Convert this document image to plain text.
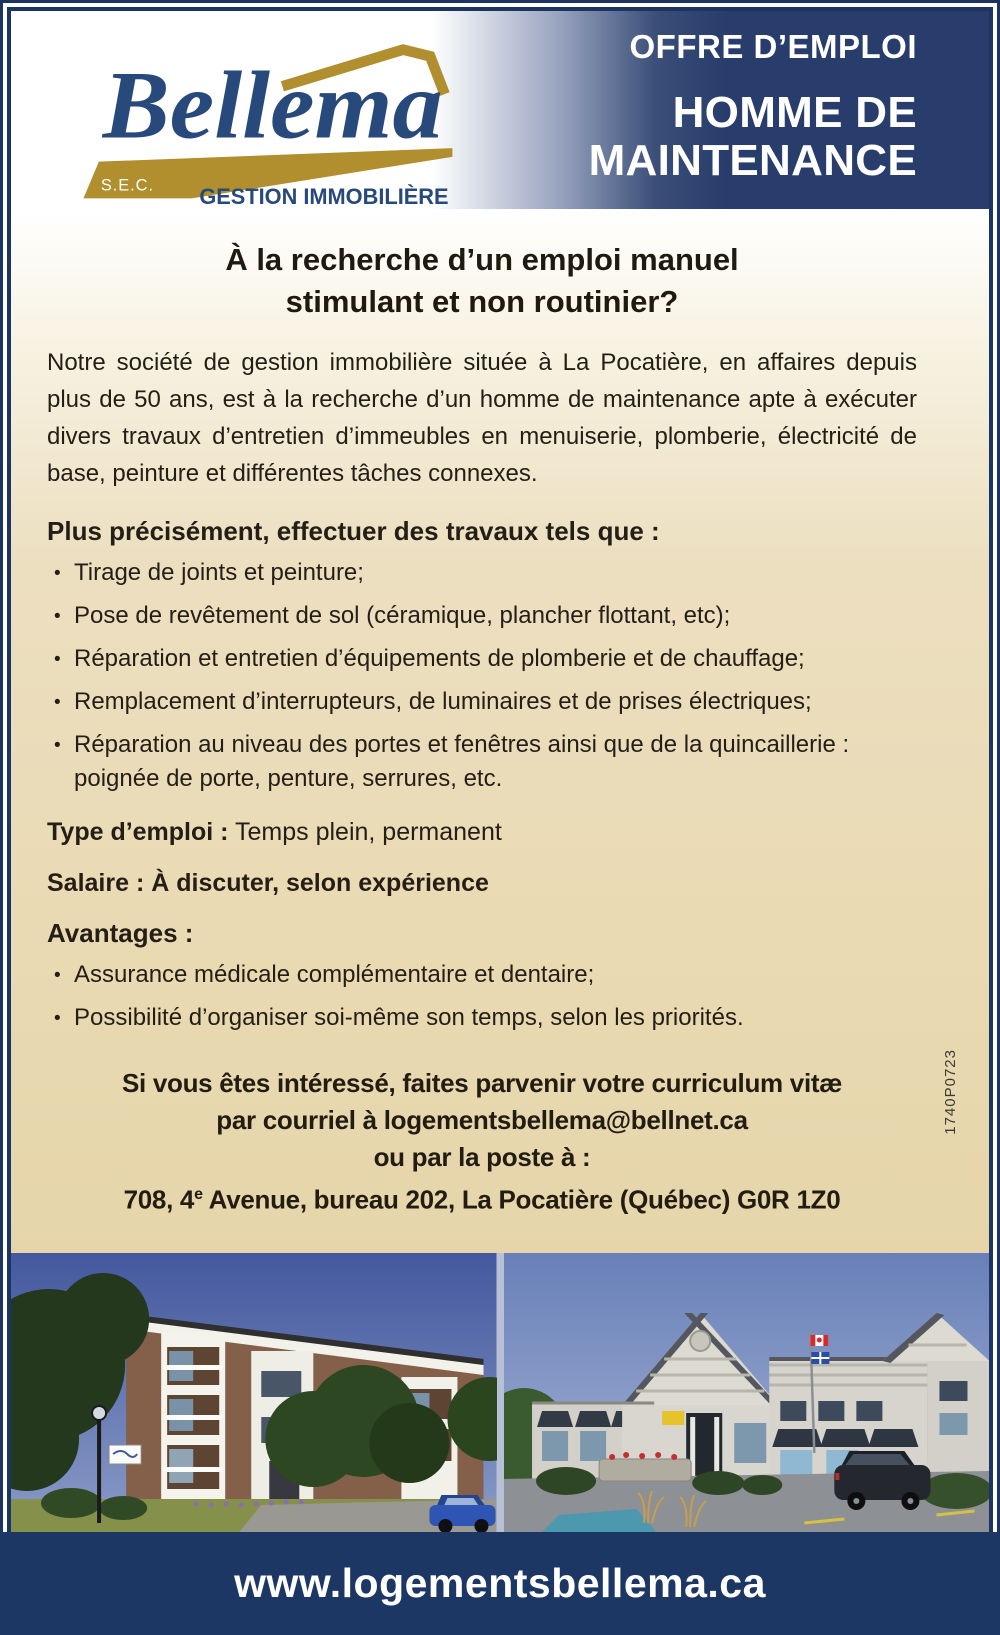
Bellema
S.E.C. GESTION IMMOBILIÈRE
OFFRE D’EMPLOI
HOMME DE
MAINTENANCE
À la recherche d’un emploi manuel
stimulant et non routinier?

Notre société de gestion immobilière située à La Pocatière, en affaires depuis plus de 50 ans, est à la recherche d’un homme de maintenance apte à exécuter divers travaux d’entretien d’immeubles en menuiserie, plomberie, électricité de base, peinture et différentes tâches connexes.

Plus précisément, effectuer des travaux tels que :
• Tirage de joints et peinture;
• Pose de revêtement de sol (céramique, plancher flottant, etc);
• Réparation et entretien d’équipements de plomberie et de chauffage;
• Remplacement d’interrupteurs, de luminaires et de prises électriques;
• Réparation au niveau des portes et fenêtres ainsi que de la quincaillerie :
poignée de porte, penture, serrures, etc.
Type d’emploi : Temps plein, permanent
Salaire : À discuter, selon expérience
Avantages :
• Assurance médicale complémentaire et dentaire;
• Possibilité d’organiser soi-même son temps, selon les priorités.
Si vous êtes intéressé, faites parvenir votre curriculum vitæ
par courriel à logementsbellema@bellnet.ca
ou par la poste à :
708, 4e Avenue, bureau 202, La Pocatière (Québec) G0R 1Z0
1740P0723
www.logementsbellema.ca
